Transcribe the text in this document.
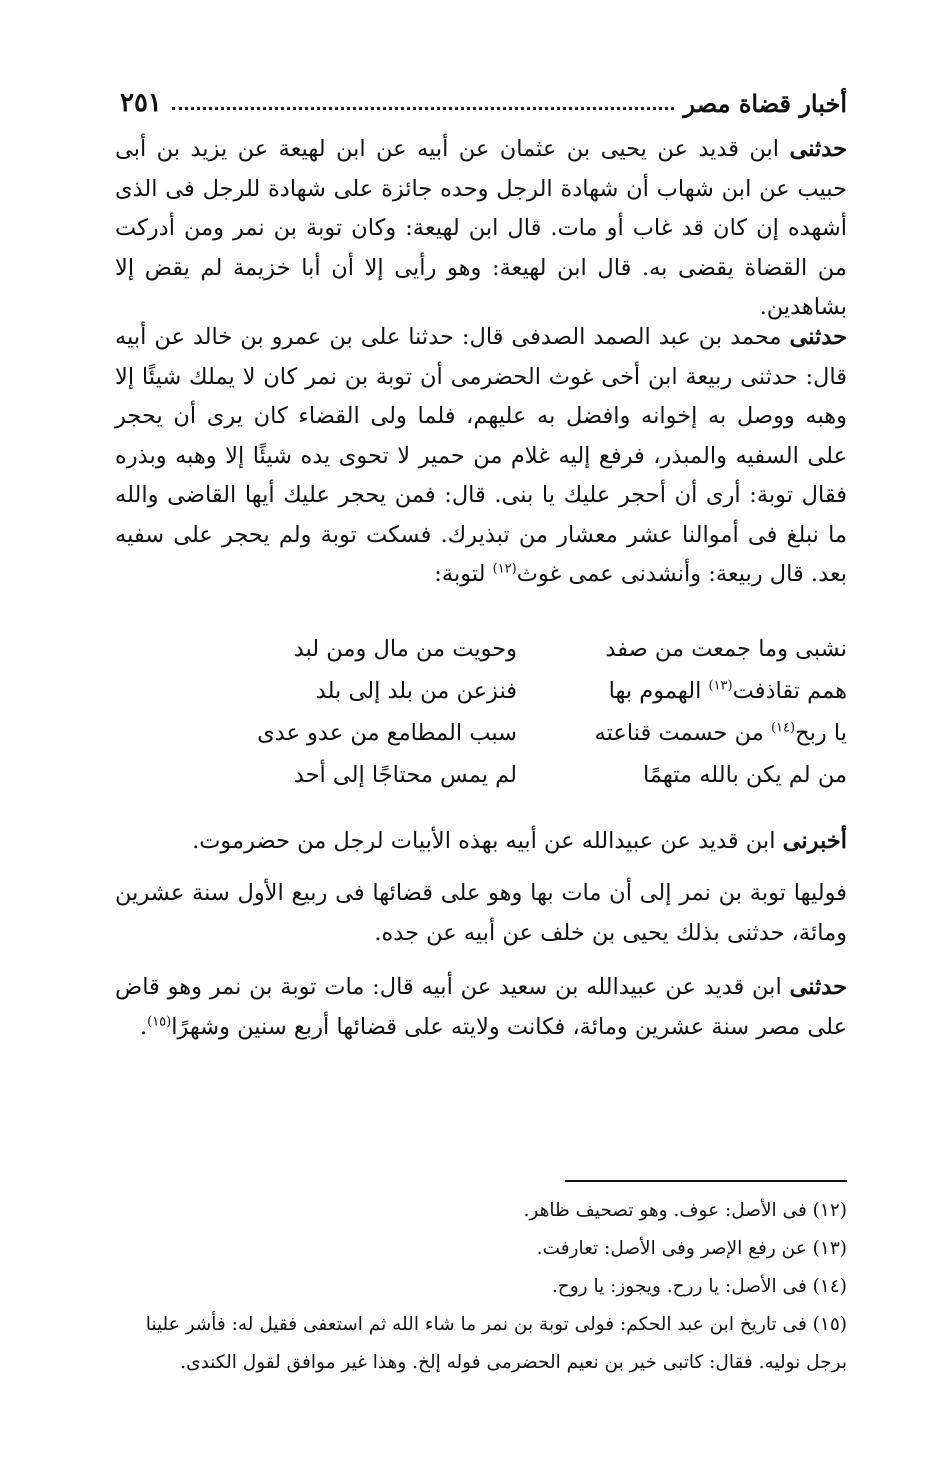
أخبار قضاة مصر
٢٥١

حدثنى ابن قديد عن يحيى بن عثمان عن أبيه عن ابن لهيعة عن يزيد بن أبى حبيب عن ابن شهاب أن شهادة الرجل وحده جائزة على شهادة للرجل فى الذى أشهده إن كان قد غاب أو مات. قال ابن لهيعة: وكان توبة بن نمر ومن أدركت من القضاة يقضى به. قال ابن لهيعة: وهو رأيى إلا أن أبا خزيمة لم يقض إلا بشاهدين.

حدثنى محمد بن عبد الصمد الصدفى قال: حدثنا على بن عمرو بن خالد عن أبيه قال: حدثنى ربيعة ابن أخى غوث الحضرمى أن توبة بن نمر كان لا يملك شيئًا إلا وهبه ووصل به إخوانه وافضل به عليهم، فلما ولى القضاء كان يرى أن يحجر على السفيه والمبذر، فرفع إليه غلام من حمير لا تحوى يده شيئًا إلا وهبه وبذره فقال توبة: أرى أن أحجر عليك يا بنى. قال: فمن يحجر عليك أيها القاضى والله ما نبلغ فى أموالنا عشر معشار من تبذيرك. فسكت توبة ولم يحجر على سفيه بعد. قال ربيعة: وأنشدنى عمى غوث$^{(١٢)}$ لتوبة:

نشبى وما جمعت من صفد
وحويت من مال ومن لبد
همم تقاذفت$^{(١٣)}$ الهموم بها
فنزعن من بلد إلى بلد
يا ربح$^{(١٤)}$ من حسمت قناعته
سبب المطامع من عدو عدى
من لم يكن بالله متهمًا
لم يمس محتاجًا إلى أحد

أخبرنى ابن قديد عن عبيدالله عن أبيه بهذه الأبيات لرجل من حضرموت.

فوليها توبة بن نمر إلى أن مات بها وهو على قضائها فى ربيع الأول سنة عشرين ومائة، حدثنى بذلك يحيى بن خلف عن أبيه عن جده.

حدثنى ابن قديد عن عبيدالله بن سعيد عن أبيه قال: مات توبة بن نمر وهو قاض على مصر سنة عشرين ومائة، فكانت ولايته على قضائها أربع سنين وشهرًا$^{(١٥)}$.

(١٢) فى الأصل: عوف. وهو تصحيف ظاهر.

(١٣) عن رفع الإصر وفى الأصل: تعارفت.

(١٤) فى الأصل: يا ررح. ويجوز: يا روح.

(١٥) فى تاريخ ابن عبد الحكم: فولى توبة بن نمر ما شاء الله ثم استعفى فقيل له: فأشر علينا

برجل نوليه. فقال: كاتبى خير بن نعيم الحضرمى فوله إلخ. وهذا غير موافق لقول الكندى.
